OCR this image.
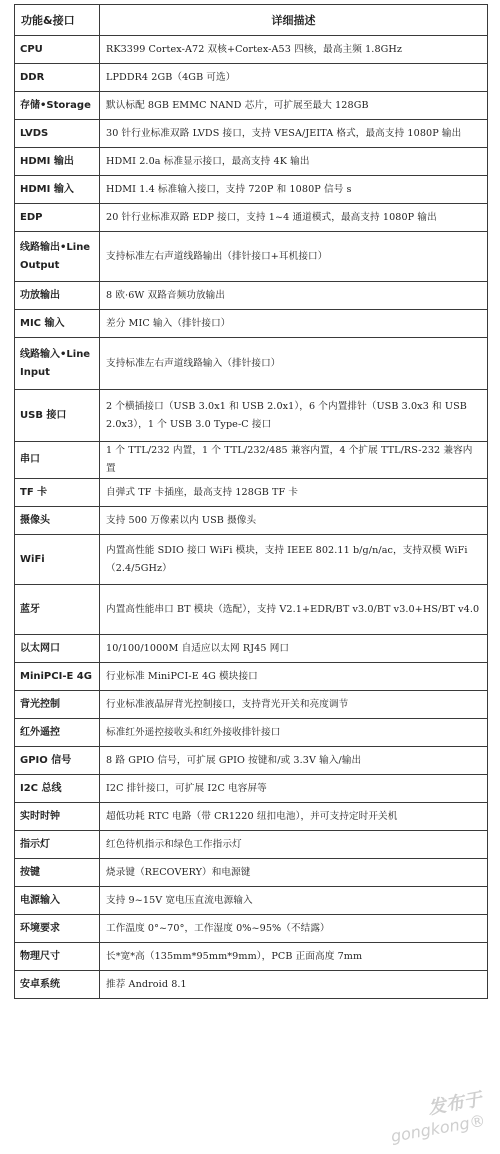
功能&接口	详细描述
CPU	RK3399 Cortex-A72 双核+Cortex-A53 四核，最高主频 1.8GHz
DDR	LPDDR4 2GB（4GB 可选）
存储•Storage	默认标配 8GB EMMC NAND 芯片，可扩展至最大 128GB
LVDS	30 针行业标准双路 LVDS 接口，支持 VESA/JEITA 格式，最高支持 1080P 输出
HDMI 输出	HDMI 2.0a 标准显示接口，最高支持 4K 输出
HDMI 输入	HDMI 1.4 标准输入接口，支持 720P 和 1080P 信号 s
EDP	20 针行业标准双路 EDP 接口，支持 1~4 通道模式，最高支持 1080P 输出
线路输出•Line Output	支持标准左右声道线路输出（排针接口+耳机接口）
功放输出	8 欧·6W 双路音频功放输出
MIC 输入	差分 MIC 输入（排针接口）
线路输入•Line Input	支持标准左右声道线路输入（排针接口）
USB 接口	2 个横插接口（USB 3.0x1 和 USB 2.0x1），6 个内置排针（USB 3.0x3 和 USB 2.0x3），1 个 USB 3.0 Type-C 接口
串口	1 个 TTL/232 内置，1 个 TTL/232/485 兼容内置，4 个扩展 TTL/RS-232 兼容内置
TF 卡	自弹式 TF 卡插座，最高支持 128GB TF 卡
摄像头	支持 500 万像素以内 USB 摄像头
WiFi	内置高性能 SDIO 接口 WiFi 模块，支持 IEEE 802.11 b/g/n/ac，支持双模 WiFi（2.4/5GHz）
蓝牙	内置高性能串口 BT 模块（选配），支持 V2.1+EDR/BT v3.0/BT v3.0+HS/BT v4.0
以太网口	10/100/1000M 自适应以太网 RJ45 网口
MiniPCI-E 4G	行业标准 MiniPCI-E 4G 模块接口
背光控制	行业标准液晶屏背光控制接口，支持背光开关和亮度调节
红外遥控	标准红外遥控接收头和红外接收排针接口
GPIO 信号	8 路 GPIO 信号，可扩展 GPIO 按键和/或 3.3V 输入/输出
I2C 总线	I2C 排针接口，可扩展 I2C 电容屏等
实时时钟	超低功耗 RTC 电路（带 CR1220 纽扣电池），并可支持定时开关机
指示灯	红色待机指示和绿色工作指示灯
按键	烧录键（RECOVERY）和电源键
电源输入	支持 9~15V 宽电压直流电源输入
环境要求	工作温度 0°~70°，工作湿度 0%~95%（不结露）
物理尺寸	长*宽*高（135mm*95mm*9mm），PCB 正面高度 7mm
安卓系统	推荐 Android 8.1
发布于
gongkong®
